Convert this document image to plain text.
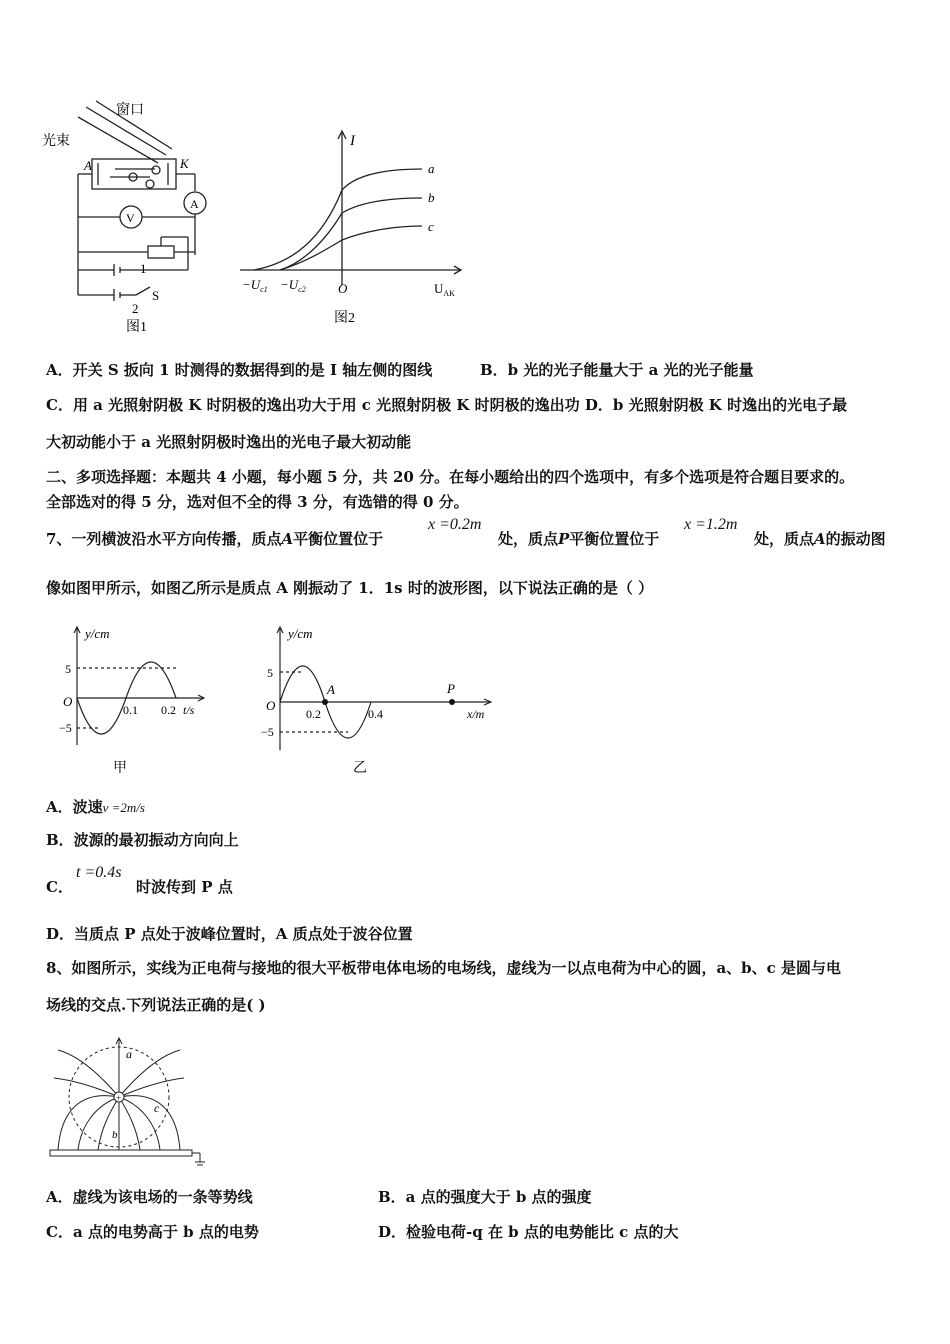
窗口
光束
A	K
A
V
1
2
S
图1
I
a
b
c
$-U_{c1} -U_{c2}$ O	$U_{AK}$
图2
A．开关 S 扳向 1 时测得的数据得到的是 I 轴左侧的图线	B．b 光的光子能量大于 a 光的光子能量
C．用 a 光照射阴极 K 时阴极的逸出功大于用 c 光照射阴极 K 时阴极的逸出功 D．b 光照射阴极 K 时逸出的光电子最
大初动能小于 a 光照射阴极时逸出的光电子最大初动能
二、多项选择题：本题共 4 小题，每小题 5 分，共 20 分。在每小题给出的四个选项中，有多个选项是符合题目要求的。
全部选对的得 5 分，选对但不全的得 3 分，有选错的得 0 分。
7、一列横波沿水平方向传播，质点A平衡位置位于
x =0.2m
处，质点P平衡位置位于
x =1.2m
处，质点A的振动图
像如图甲所示，如图乙所示是质点 A 刚振动了 1．1s 时的波形图，以下说法正确的是（ ）
y/cm
5
−5
O
0.1 0.2 t/s
甲
y/cm
5
−5
O
0.2	0.4
A	P
x/m
乙
A．波速v =2m/s
B．波源的最初振动方向向上
C．
t =0.4s
时波传到 P 点
D．当质点 P 点处于波峰位置时，A 质点处于波谷位置
8、如图所示，实线为正电荷与接地的很大平板带电体电场的电场线，虚线为一以点电荷为中心的圆，a、b、c 是圆与电
场线的交点.下列说法正确的是( )
+
a
b
c
A．虚线为该电场的一条等势线	B．a 点的强度大于 b 点的强度
C．a 点的电势高于 b 点的电势	D．检验电荷-q 在 b 点的电势能比 c 点的大
